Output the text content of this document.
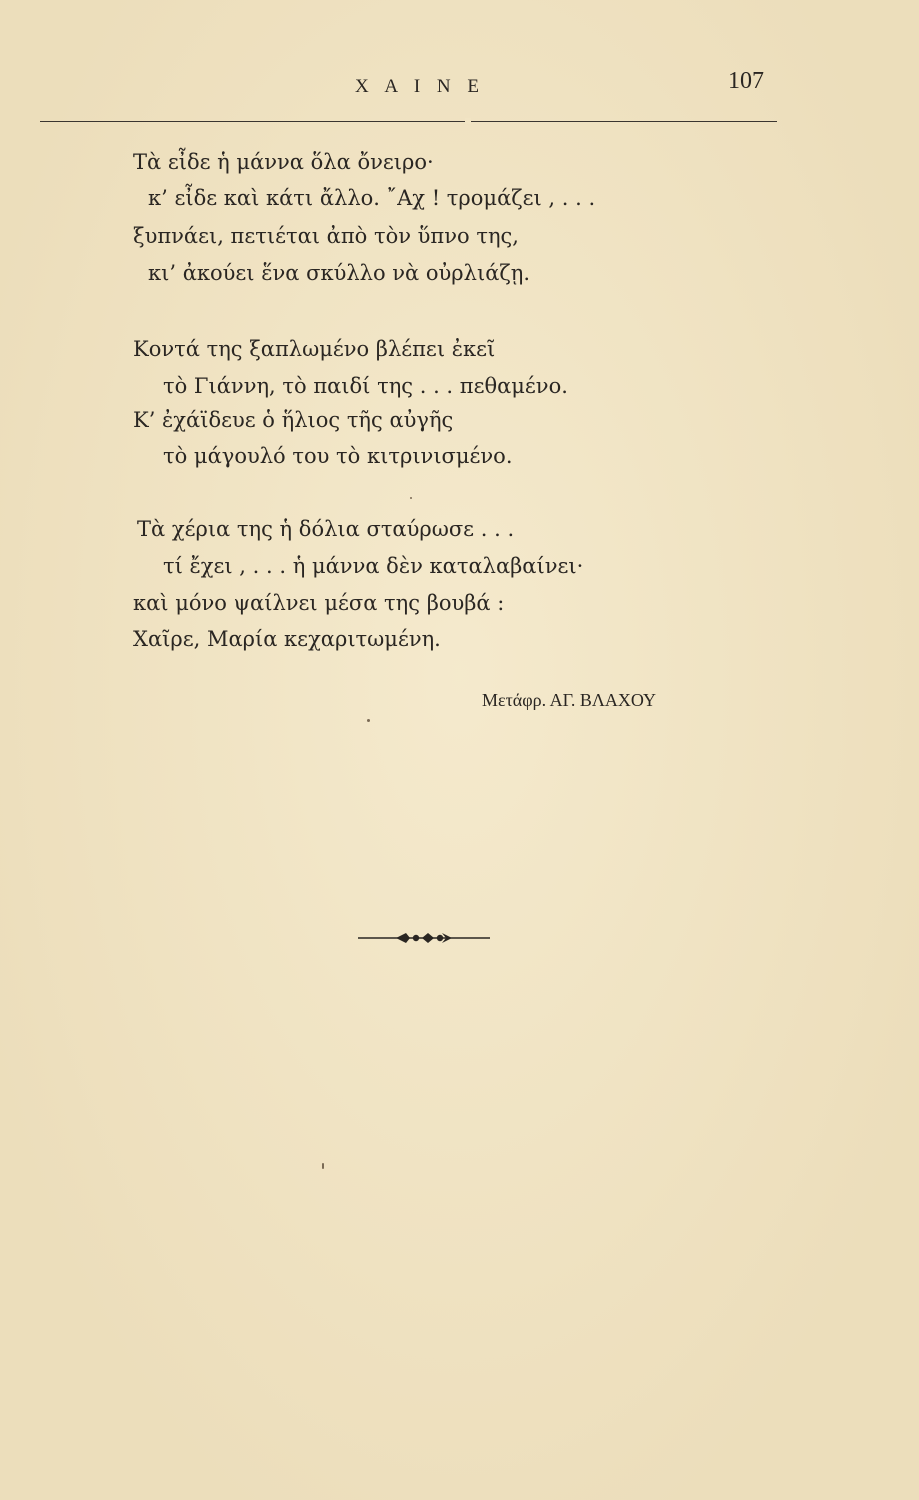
Χ Α Ι Ν Ε	107
Τὰ εἶδε ἡ μάννα ὅλα ὄνειρο·
κ’ εἶδε καὶ κάτι ἄλλο. ῎Αχ ! τρομάζει , . . .
ξυπνάει, πετιέται ἀπὸ τὸν ὕπνο της,
κι’ ἀκούει ἕνα σκύλλο νὰ οὐρλιάζῃ.
Κοντά της ξαπλωμένο βλέπει ἐκεῖ
τὸ Γιάννη, τὸ παιδί της . . . πεθαμένο.
Κ’ ἐχάϊδευε ὁ ἥλιος τῆς αὐγῆς
τὸ μάγουλό του τὸ κιτρινισμένο.
Τὰ χέρια της ἡ δόλια σταύρωσε . . .
τί ἔχει , . . . ἡ μάννα δὲν καταλαβαίνει·
καὶ μόνο ψαίλνει μέσα της βουβά :
Χαῖρε, Μαρία κεχαριτωμένη.
Μετάφρ. ΑΓ. ΒΛΑΧΟΥ
